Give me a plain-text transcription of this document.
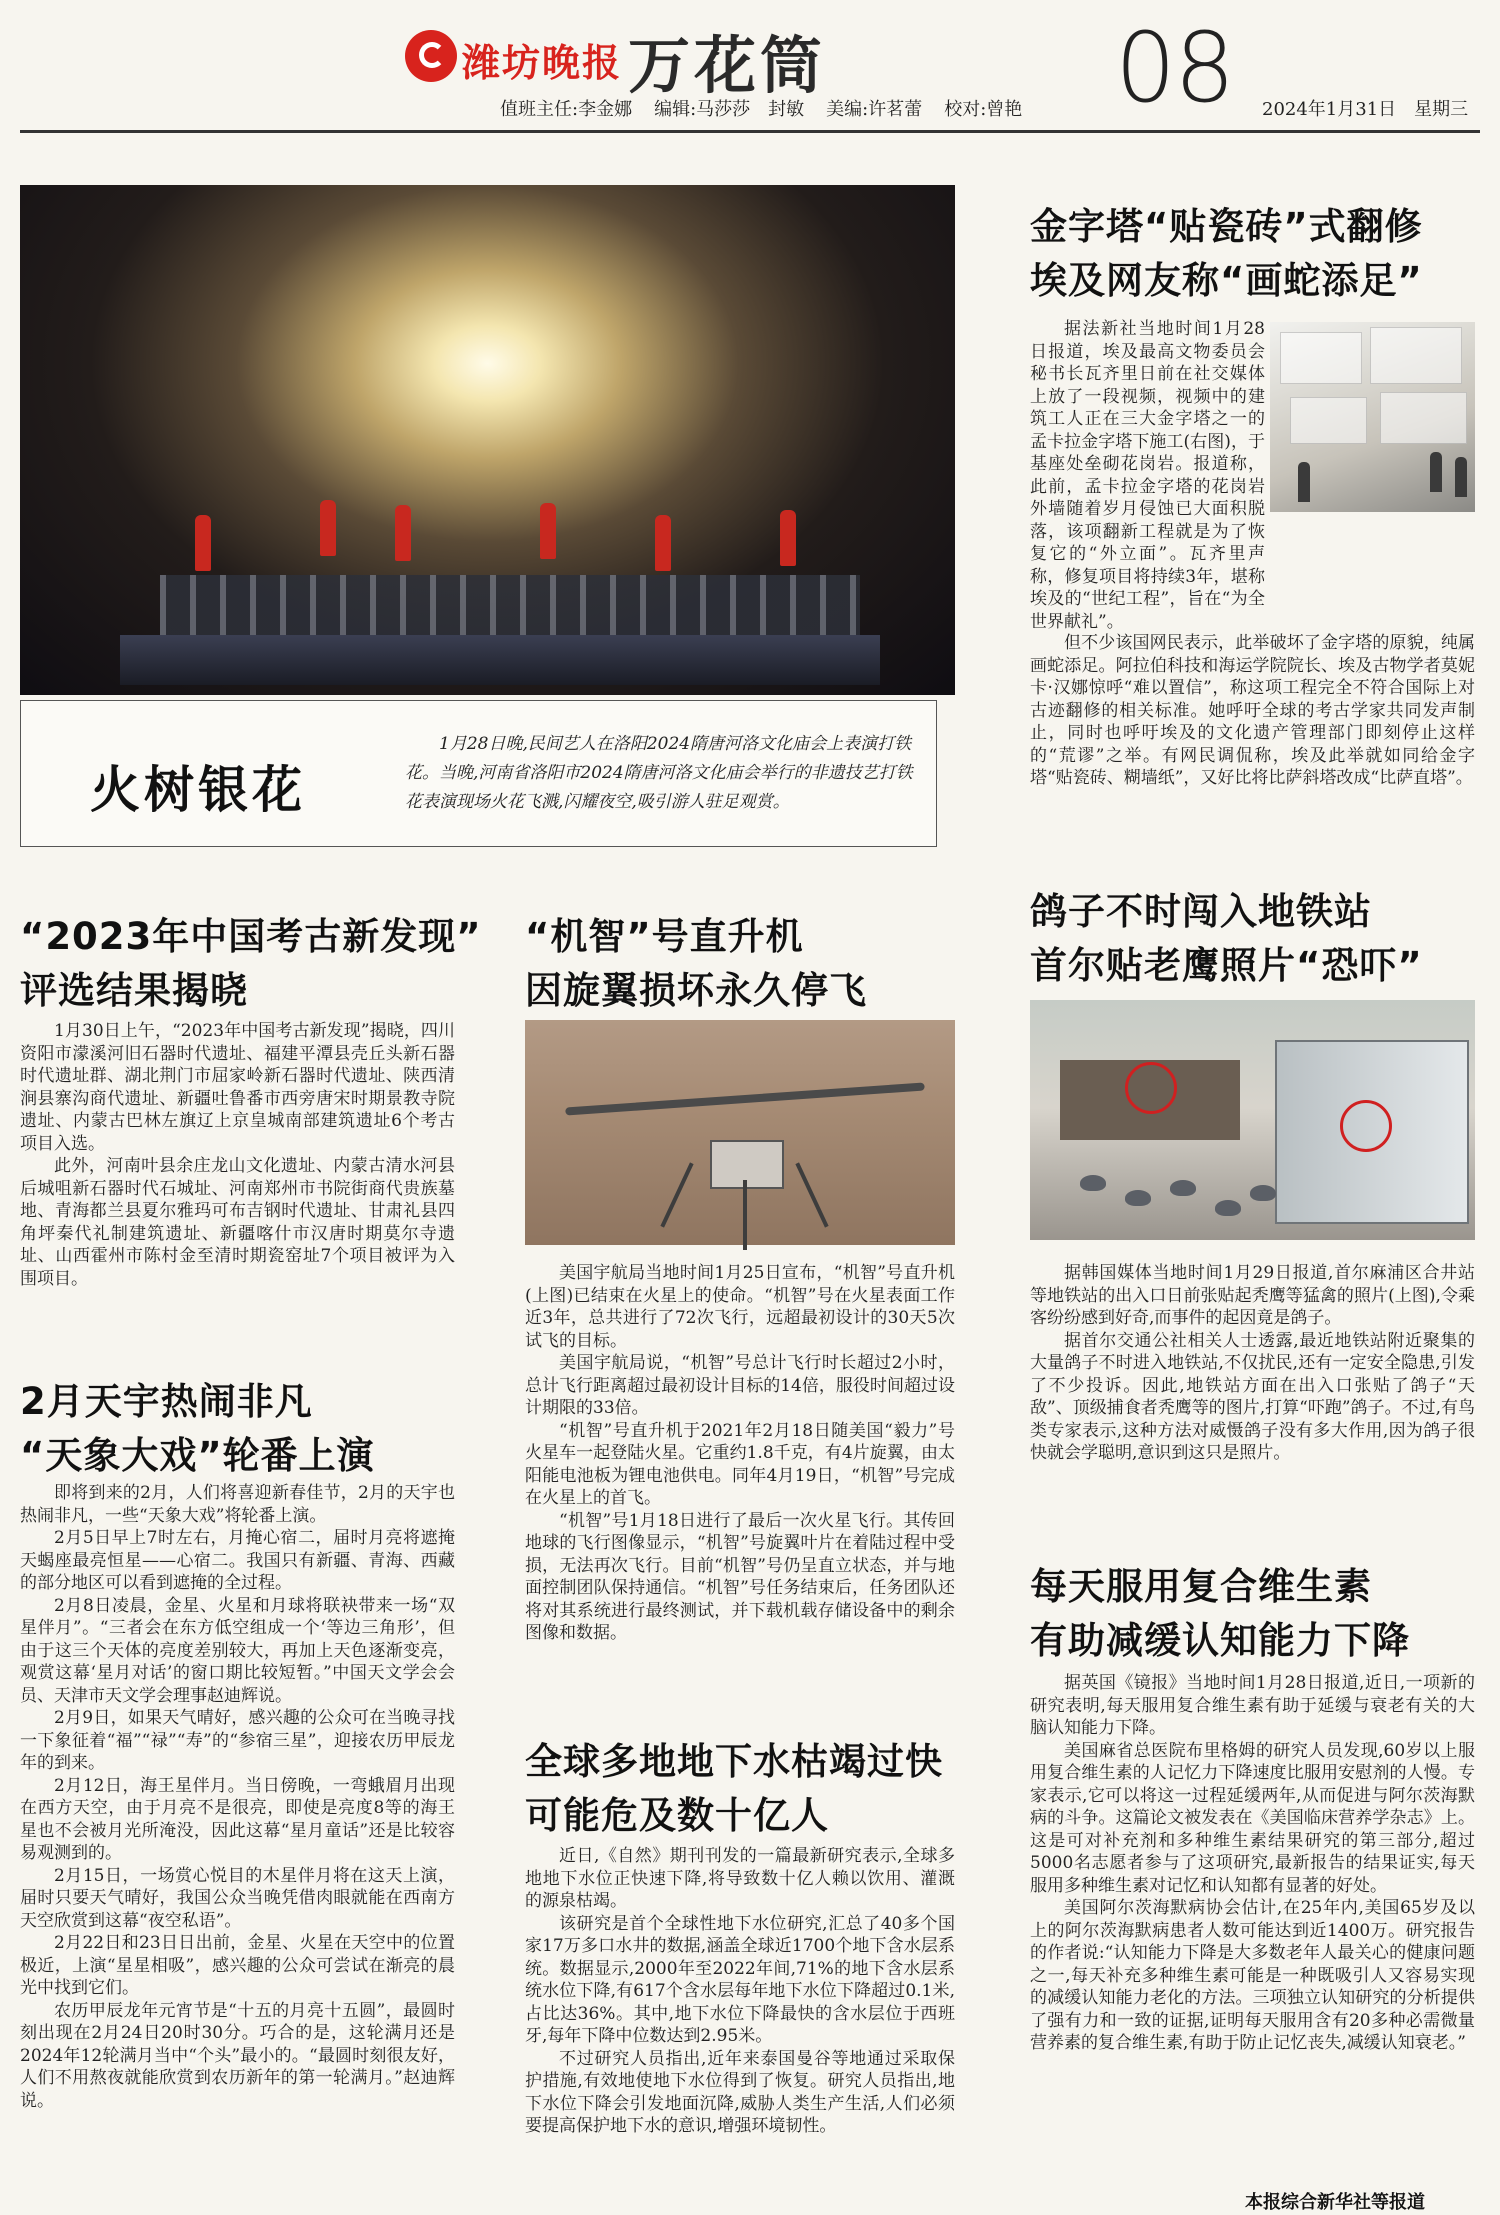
潍坊晚报 万花筒
值班主任:李金娜 编辑:马莎莎　封敏 美编:许茗蕾 校对:曾艳 08 2024年1月31日　星期三
火树银花
1月28日晚,民间艺人在洛阳2024隋唐河洛文化庙会上表演打铁花。当晚,河南省洛阳市2024隋唐河洛文化庙会举行的非遗技艺打铁花表演现场火花飞溅,闪耀夜空,吸引游人驻足观赏。
金字塔“贴瓷砖”式翻修
埃及网友称“画蛇添足”

据法新社当地时间1月28日报道，埃及最高文物委员会秘书长瓦齐里日前在社交媒体上放了一段视频，视频中的建筑工人正在三大金字塔之一的孟卡拉金字塔下施工(右图)，于基座处垒砌花岗岩。报道称，此前，孟卡拉金字塔的花岗岩外墙随着岁月侵蚀已大面积脱落，该项翻新工程就是为了恢复它的“外立面”。瓦齐里声称，修复项目将持续3年，堪称埃及的“世纪工程”，旨在“为全世界献礼”。

但不少该国网民表示，此举破坏了金字塔的原貌，纯属画蛇添足。阿拉伯科技和海运学院院长、埃及古物学者莫妮卡·汉娜惊呼“难以置信”，称这项工程完全不符合国际上对古迹翻修的相关标准。她呼吁全球的考古学家共同发声制止，同时也呼吁埃及的文化遗产管理部门即刻停止这样的“荒谬”之举。有网民调侃称，埃及此举就如同给金字塔“贴瓷砖、糊墙纸”，又好比将比萨斜塔改成“比萨直塔”。

“2023年中国考古新发现”
评选结果揭晓

1月30日上午，“2023年中国考古新发现”揭晓，四川资阳市濛溪河旧石器时代遗址、福建平潭县壳丘头新石器时代遗址群、湖北荆门市屈家岭新石器时代遗址、陕西清涧县寨沟商代遗址、新疆吐鲁番市西旁唐宋时期景教寺院遗址、内蒙古巴林左旗辽上京皇城南部建筑遗址6个考古项目入选。

此外，河南叶县余庄龙山文化遗址、内蒙古清水河县后城咀新石器时代石城址、河南郑州市书院街商代贵族墓地、青海都兰县夏尔雅玛可布吉钢时代遗址、甘肃礼县四角坪秦代礼制建筑遗址、新疆喀什市汉唐时期莫尔寺遗址、山西霍州市陈村金至清时期瓷窑址7个项目被评为入围项目。

2月天宇热闹非凡
“天象大戏”轮番上演

即将到来的2月，人们将喜迎新春佳节，2月的天宇也热闹非凡，一些“天象大戏”将轮番上演。

2月5日早上7时左右，月掩心宿二，届时月亮将遮掩天蝎座最亮恒星——心宿二。我国只有新疆、青海、西藏的部分地区可以看到遮掩的全过程。

2月8日凌晨，金星、火星和月球将联袂带来一场“双星伴月”。“三者会在东方低空组成一个‘等边三角形’，但由于这三个天体的亮度差别较大，再加上天色逐渐变亮，观赏这幕‘星月对话’的窗口期比较短暂。”中国天文学会会员、天津市天文学会理事赵迪辉说。

2月9日，如果天气晴好，感兴趣的公众可在当晚寻找一下象征着“福”“禄”“寿”的“参宿三星”，迎接农历甲辰龙年的到来。

2月12日，海王星伴月。当日傍晚，一弯蛾眉月出现在西方天空，由于月亮不是很亮，即使是亮度8等的海王星也不会被月光所淹没，因此这幕“星月童话”还是比较容易观测到的。

2月15日，一场赏心悦目的木星伴月将在这天上演，届时只要天气晴好，我国公众当晚凭借肉眼就能在西南方天空欣赏到这幕“夜空私语”。

2月22日和23日日出前，金星、火星在天空中的位置极近，上演“星星相吸”，感兴趣的公众可尝试在渐亮的晨光中找到它们。

农历甲辰龙年元宵节是“十五的月亮十五圆”，最圆时刻出现在2月24日20时30分。巧合的是，这轮满月还是2024年12轮满月当中“个头”最小的。“最圆时刻很友好，人们不用熬夜就能欣赏到农历新年的第一轮满月。”赵迪辉说。

“机智”号直升机
因旋翼损坏永久停飞

美国宇航局当地时间1月25日宣布，“机智”号直升机(上图)已结束在火星上的使命。“机智”号在火星表面工作近3年，总共进行了72次飞行，远超最初设计的30天5次试飞的目标。

美国宇航局说，“机智”号总计飞行时长超过2小时，总计飞行距离超过最初设计目标的14倍，服役时间超过设计期限的33倍。

“机智”号直升机于2021年2月18日随美国“毅力”号火星车一起登陆火星。它重约1.8千克，有4片旋翼，由太阳能电池板为锂电池供电。同年4月19日，“机智”号完成在火星上的首飞。

“机智”号1月18日进行了最后一次火星飞行。其传回地球的飞行图像显示，“机智”号旋翼叶片在着陆过程中受损，无法再次飞行。目前“机智”号仍呈直立状态，并与地面控制团队保持通信。“机智”号任务结束后，任务团队还将对其系统进行最终测试，并下载机载存储设备中的剩余图像和数据。

全球多地地下水枯竭过快
可能危及数十亿人

近日,《自然》期刊刊发的一篇最新研究表示,全球多地地下水位正快速下降,将导致数十亿人赖以饮用、灌溉的源泉枯竭。

该研究是首个全球性地下水位研究,汇总了40多个国家17万多口水井的数据,涵盖全球近1700个地下含水层系统。数据显示,2000年至2022年间,71%的地下含水层系统水位下降,有617个含水层每年地下水位下降超过0.1米,占比达36%。其中,地下水位下降最快的含水层位于西班牙,每年下降中位数达到2.95米。

不过研究人员指出,近年来泰国曼谷等地通过采取保护措施,有效地使地下水位得到了恢复。研究人员指出,地下水位下降会引发地面沉降,威胁人类生产生活,人们必须要提高保护地下水的意识,增强环境韧性。

鸽子不时闯入地铁站
首尔贴老鹰照片“恐吓”

据韩国媒体当地时间1月29日报道,首尔麻浦区合井站等地铁站的出入口日前张贴起秃鹰等猛禽的照片(上图),令乘客纷纷感到好奇,而事件的起因竟是鸽子。

据首尔交通公社相关人士透露,最近地铁站附近聚集的大量鸽子不时进入地铁站,不仅扰民,还有一定安全隐患,引发了不少投诉。因此,地铁站方面在出入口张贴了鸽子“天敌”、顶级捕食者秃鹰等的图片,打算“吓跑”鸽子。不过,有鸟类专家表示,这种方法对威慑鸽子没有多大作用,因为鸽子很快就会学聪明,意识到这只是照片。

每天服用复合维生素
有助减缓认知能力下降

据英国《镜报》当地时间1月28日报道,近日,一项新的研究表明,每天服用复合维生素有助于延缓与衰老有关的大脑认知能力下降。

美国麻省总医院布里格姆的研究人员发现,60岁以上服用复合维生素的人记忆力下降速度比服用安慰剂的人慢。专家表示,它可以将这一过程延缓两年,从而促进与阿尔茨海默病的斗争。这篇论文被发表在《美国临床营养学杂志》上。这是可对补充剂和多种维生素结果研究的第三部分,超过5000名志愿者参与了这项研究,最新报告的结果证实,每天服用多种维生素对记忆和认知都有显著的好处。

美国阿尔茨海默病协会估计,在25年内,美国65岁及以上的阿尔茨海默病患者人数可能达到近1400万。研究报告的作者说:“认知能力下降是大多数老年人最关心的健康问题之一,每天补充多种维生素可能是一种既吸引人又容易实现的减缓认知能力老化的方法。三项独立认知研究的分析提供了强有力和一致的证据,证明每天服用含有20多种必需微量营养素的复合维生素,有助于防止记忆丧失,减缓认知衰老。”

本报综合新华社等报道
